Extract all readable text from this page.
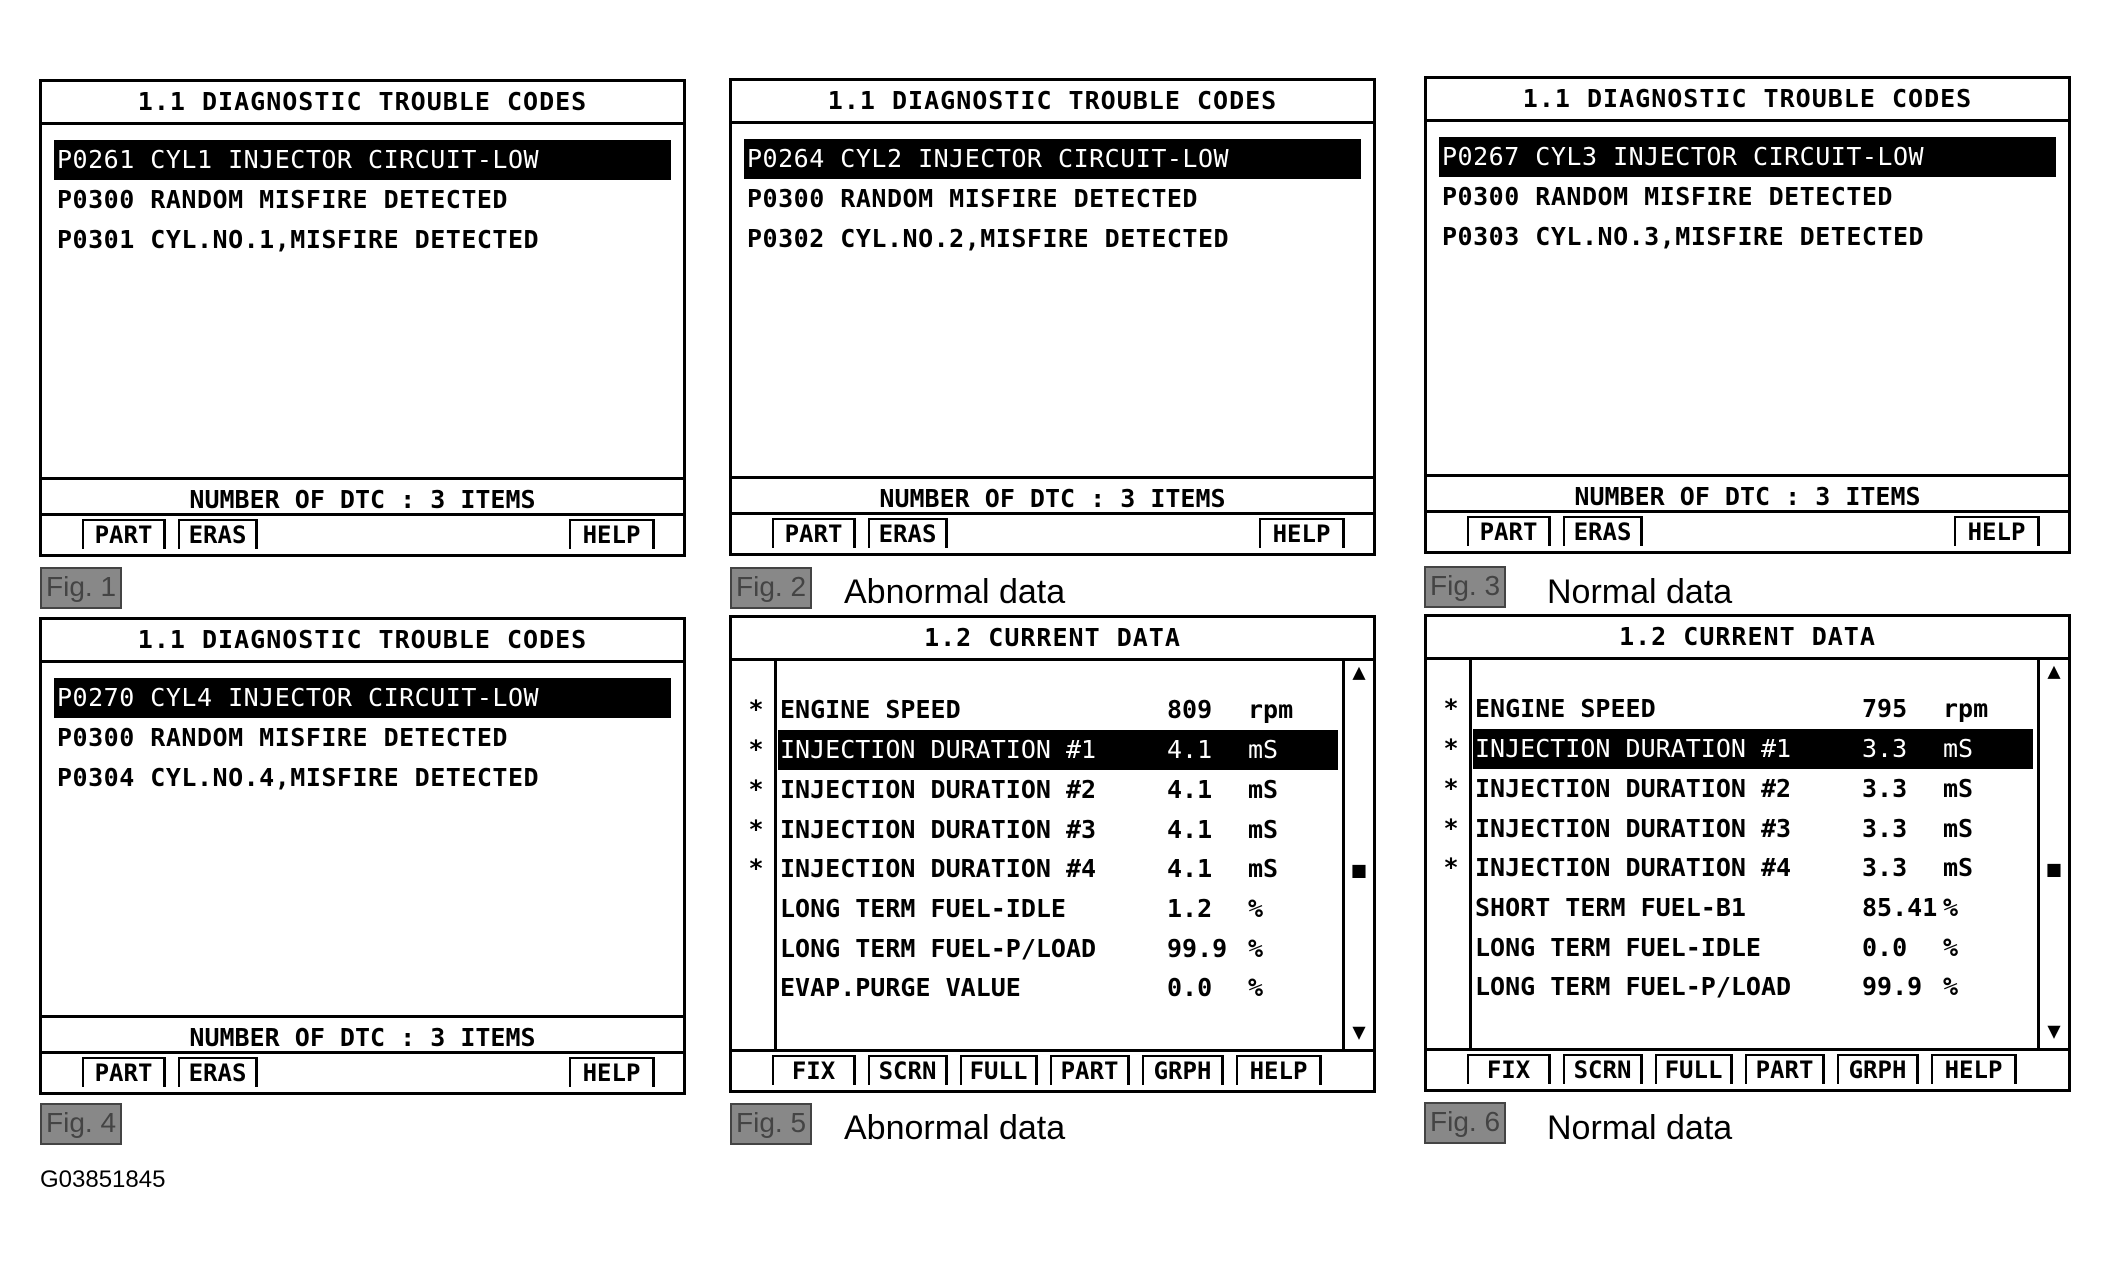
1.1 DIAGNOSTIC TROUBLE CODES
P0261 CYL1 INJECTOR CIRCUIT-LOW
P0300 RANDOM MISFIRE DETECTED
P0301 CYL.NO.1,MISFIRE DETECTED
NUMBER OF DTC : 3 ITEMS
PART	ERAS	HELP
Fig. 1
1.1 DIAGNOSTIC TROUBLE CODES
P0264 CYL2 INJECTOR CIRCUIT-LOW
P0300 RANDOM MISFIRE DETECTED
P0302 CYL.NO.2,MISFIRE DETECTED
NUMBER OF DTC : 3 ITEMS
PART	ERAS	HELP
Fig. 2 Abnormal data
1.1 DIAGNOSTIC TROUBLE CODES
P0267 CYL3 INJECTOR CIRCUIT-LOW
P0300 RANDOM MISFIRE DETECTED
P0303 CYL.NO.3,MISFIRE DETECTED
NUMBER OF DTC : 3 ITEMS
PART	ERAS	HELP
Fig. 3 Normal data
1.1 DIAGNOSTIC TROUBLE CODES
P0270 CYL4 INJECTOR CIRCUIT-LOW
P0300 RANDOM MISFIRE DETECTED
P0304 CYL.NO.4,MISFIRE DETECTED
NUMBER OF DTC : 3 ITEMS
PART	ERAS	HELP
Fig. 4
1.2 CURRENT DATA
* ENGINE SPEED	809 rpm
* INJECTION DURATION #1	4.1 mS
* INJECTION DURATION #2	4.1 mS
* INJECTION DURATION #3	4.1 mS
* INJECTION DURATION #4	4.1 mS
LONG TERM FUEL-IDLE	1.2 %
LONG TERM FUEL-P/LOAD	99.9 %
EVAP.PURGE VALUE	0.0 %
▲
■
▼
FIX	SCRN	FULL	PART	GRPH	HELP
Fig. 5 Abnormal data
1.2 CURRENT DATA
* ENGINE SPEED	795 rpm
* INJECTION DURATION #1	3.3 mS
* INJECTION DURATION #2	3.3 mS
* INJECTION DURATION #3	3.3 mS
* INJECTION DURATION #4	3.3 mS
SHORT TERM FUEL-B1	85.41 %
LONG TERM FUEL-IDLE	0.0 %
LONG TERM FUEL-P/LOAD	99.9 %
▲
■
▼
FIX	SCRN	FULL	PART	GRPH	HELP
Fig. 6 Normal data
G03851845
